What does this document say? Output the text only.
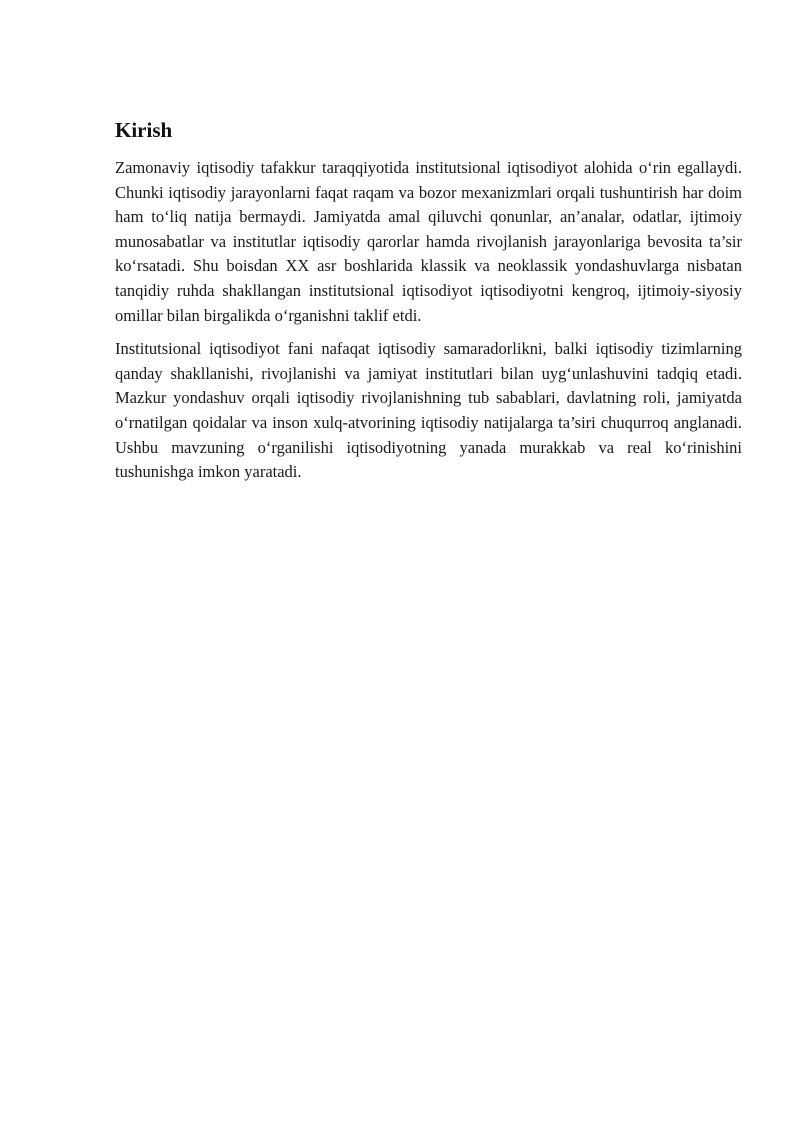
Kirish

Zamonaviy iqtisodiy tafakkur taraqqiyotida institutsional iqtisodiyot alohida o‘rin egallaydi. Chunki iqtisodiy jarayonlarni faqat raqam va bozor mexanizmlari orqali tushuntirish har doim ham to‘liq natija bermaydi. Jamiyatda amal qiluvchi qonunlar, an’analar, odatlar, ijtimoiy munosabatlar va institutlar iqtisodiy qarorlar hamda rivojlanish jarayonlariga bevosita ta’sir ko‘rsatadi. Shu boisdan XX asr boshlarida klassik va neoklassik yondashuvlarga nisbatan tanqidiy ruhda shakllangan institutsional iqtisodiyot iqtisodiyotni kengroq, ijtimoiy-siyosiy omillar bilan birgalikda o‘rganishni taklif etdi.

Institutsional iqtisodiyot fani nafaqat iqtisodiy samaradorlikni, balki iqtisodiy tizimlarning qanday shakllanishi, rivojlanishi va jamiyat institutlari bilan uyg‘unlashuvini tadqiq etadi. Mazkur yondashuv orqali iqtisodiy rivojlanishning tub sabablari, davlatning roli, jamiyatda o‘rnatilgan qoidalar va inson xulq-atvorining iqtisodiy natijalarga ta’siri chuqurroq anglanadi. Ushbu mavzuning o‘rganilishi iqtisodiyotning yanada murakkab va real ko‘rinishini tushunishga imkon yaratadi.
